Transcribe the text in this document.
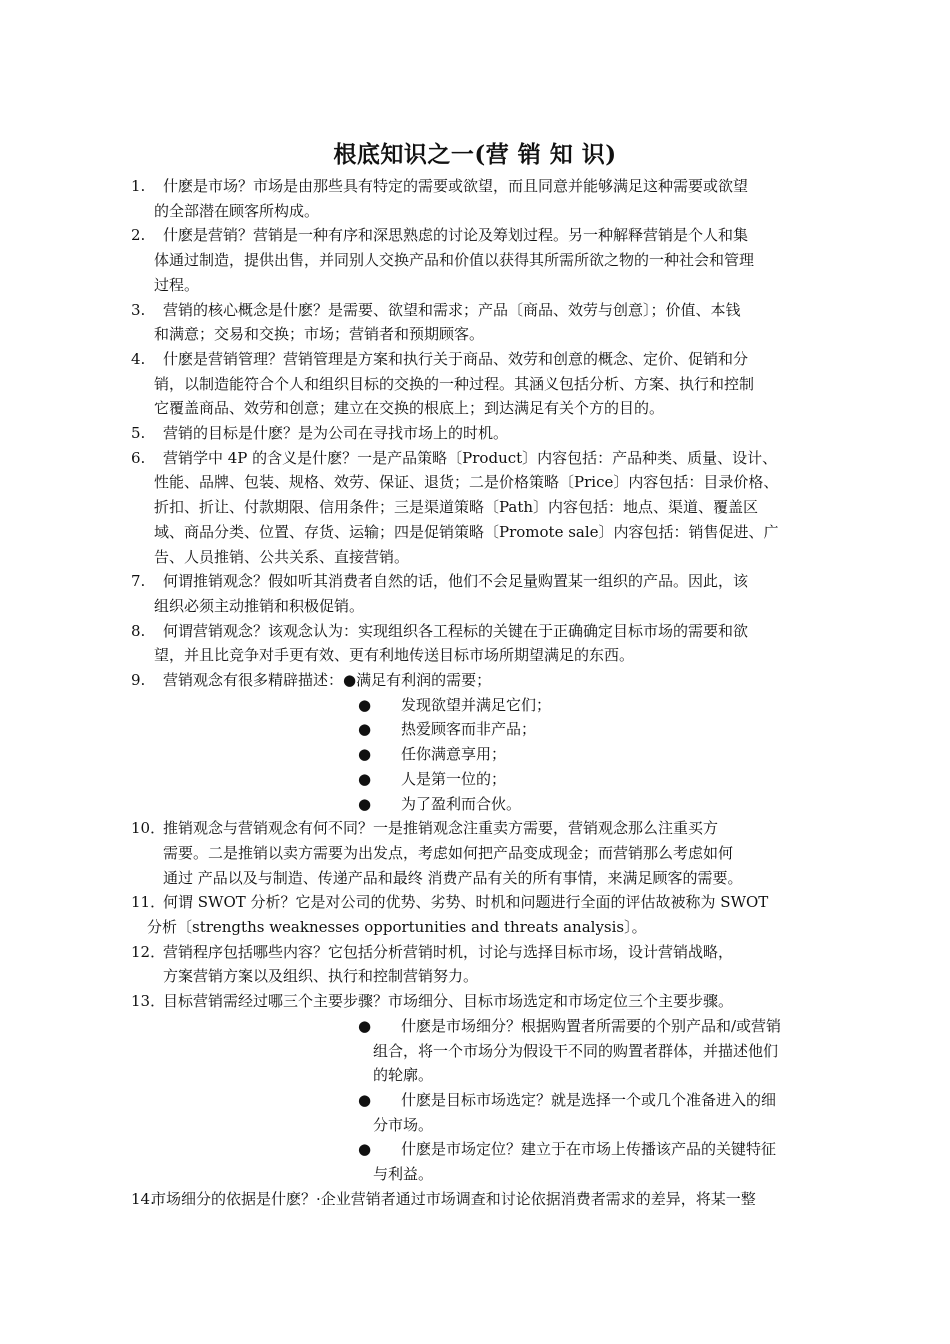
根底知识之一(营 销 知 识)
1. 什麽是市场？市场是由那些具有特定的需要或欲望，而且同意并能够满足这种需要或欲望
的全部潜在顾客所构成。
2. 什麽是营销？营销是一种有序和深思熟虑的讨论及筹划过程。另一种解释营销是个人和集
体通过制造，提供出售，并同别人交换产品和价值以获得其所需所欲之物的一种社会和管理
过程。
3. 营销的核心概念是什麽？是需要、欲望和需求；产品〔商品、效劳与创意〕；价值、本钱
和满意；交易和交换；市场；营销者和预期顾客。
4. 什麽是营销管理？营销管理是方案和执行关于商品、效劳和创意的概念、定价、促销和分
销，以制造能符合个人和组织目标的交换的一种过程。其涵义包括分析、方案、执行和控制
它覆盖商品、效劳和创意；建立在交换的根底上；到达满足有关个方的目的。
5. 营销的目标是什麽？是为公司在寻找市场上的时机。
6. 营销学中 4P 的含义是什麽？一是产品策略〔Product〕内容包括：产品种类、质量、设计、
性能、品牌、包装、规格、效劳、保证、退货；二是价格策略〔Price〕内容包括：目录价格、
折扣、折让、付款期限、信用条件；三是渠道策略〔Path〕内容包括：地点、渠道、覆盖区
域、商品分类、位置、存货、运输；四是促销策略〔Promote sale〕内容包括：销售促进、广
告、人员推销、公共关系、直接营销。
7. 何谓推销观念？假如听其消费者自然的话，他们不会足量购置某一组织的产品。因此，该
组织必须主动推销和积极促销。
8. 何谓营销观念？该观念认为：实现组织各工程标的关键在于正确确定目标市场的需要和欲
望，并且比竞争对手更有效、更有利地传送目标市场所期望满足的东西。
9. 营销观念有很多精辟描述：●满足有利润的需要；
● 发现欲望并满足它们；
● 热爱顾客而非产品；
● 任你满意享用；
● 人是第一位的；
● 为了盈利而合伙。
10．
推销观念与营销观念有何不同？一是推销观念注重卖方需要，营销观念那么注重买方
需要。二是推销以卖方需要为出发点，考虑如何把产品变成现金；而营销那么考虑如何
通过 产品以及与制造、传递产品和最终 消费产品有关的所有事情，来满足顾客的需要。
11．
何谓 SWOT 分析？它是对公司的优势、劣势、时机和问题进行全面的评估故被称为 SWOT
分析〔strengths weaknesses opportunities and threats analysis〕。
12．
营销程序包括哪些内容？它包括分析营销时机，讨论与选择目标市场，设计营销战略，
方案营销方案以及组织、执行和控制营销努力。
13．
目标营销需经过哪三个主要步骤？市场细分、目标市场选定和市场定位三个主要步骤。
● 什麽是市场细分？根据购置者所需要的个别产品和/或营销
组合，将一个市场分为假设干不同的购置者群体，并描述他们
的轮廓。
● 什麽是目标市场选定？就是选择一个或几个准备进入的细
分市场。
● 什麽是市场定位？建立于在市场上传播该产品的关键特征
与利益。
14.
市场细分的依据是什麽？·企业营销者通过市场调查和讨论依据消费者需求的差异，将某一整
